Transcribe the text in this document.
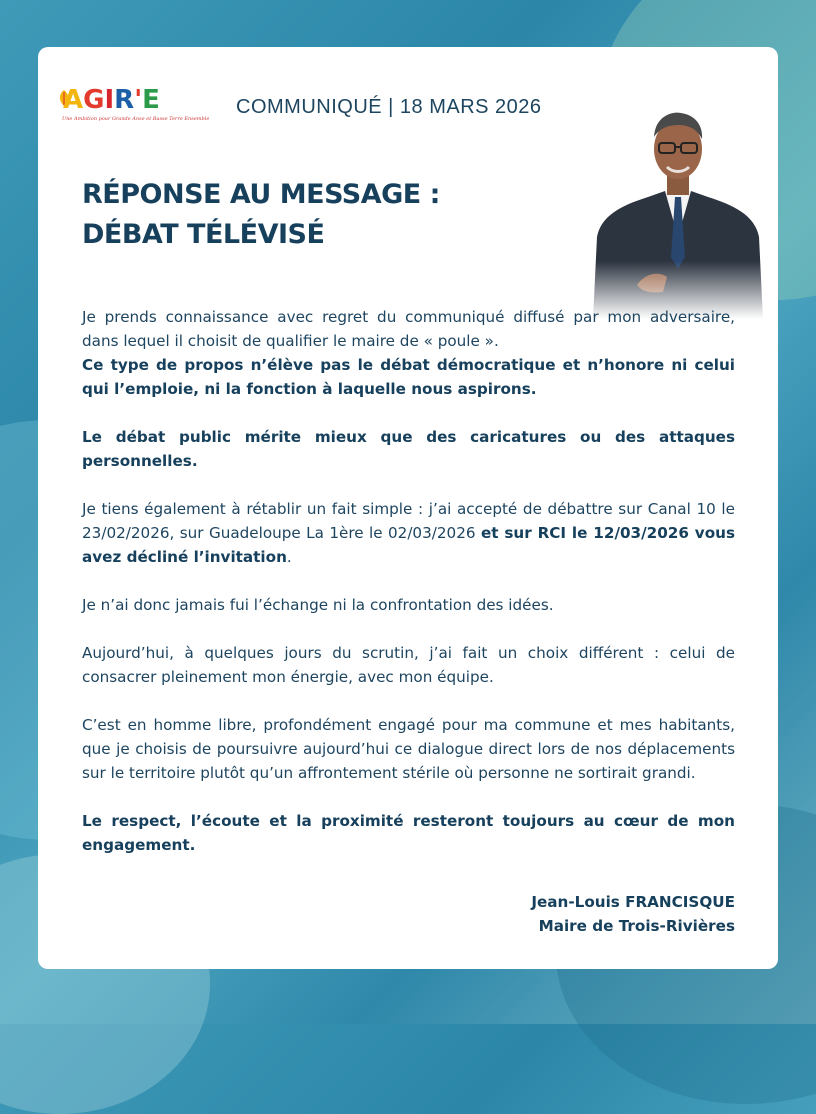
AGIR'E
Une Ambition pour Grande Anse et Basse Terre Ensemble
COMMUNIQUÉ | 18 MARS 2026
RÉPONSE AU MESSAGE :
DÉBAT TÉLÉVISÉ

Je prends connaissance avec regret du communiqué diffusé par mon adversaire, dans lequel il choisit de qualifier le maire de « poule ».
Ce type de propos n’élève pas le débat démocratique et n’honore ni celui qui l’emploie, ni la fonction à laquelle nous aspirons.

Le débat public mérite mieux que des caricatures ou des attaques personnelles.

Je tiens également à rétablir un fait simple : j’ai accepté de débattre sur Canal 10 le 23/02/2026, sur Guadeloupe La 1ère le 02/03/2026 et sur RCI le 12/03/2026 vous avez décliné l’invitation.

Je n’ai donc jamais fui l’échange ni la confrontation des idées.

Aujourd’hui, à quelques jours du scrutin, j’ai fait un choix différent : celui de consacrer pleinement mon énergie, avec mon équipe.

C’est en homme libre, profondément engagé pour ma commune et mes habitants, que je choisis de poursuivre aujourd’hui ce dialogue direct lors de nos déplacements sur le territoire plutôt qu’un affrontement stérile où personne ne sortirait grandi.

Le respect, l’écoute et la proximité resteront toujours au cœur de mon engagement.

Jean-Louis FRANCISQUE
Maire de Trois-Rivières
